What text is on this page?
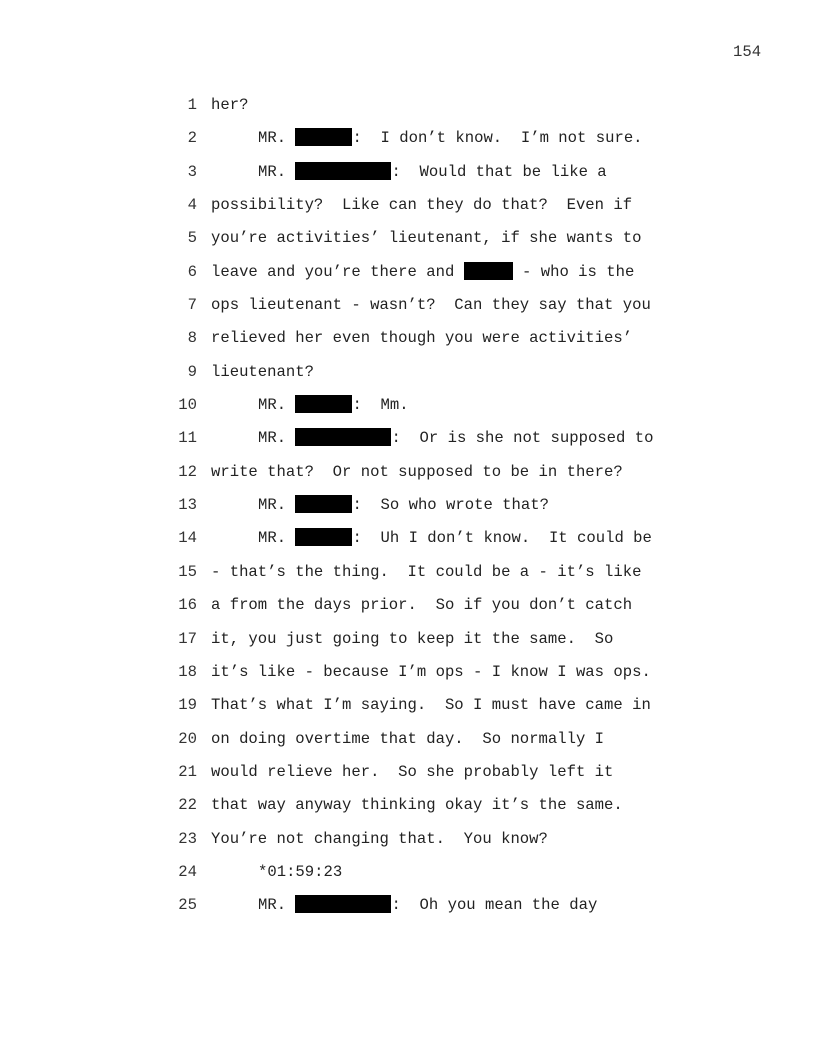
154
1 her?
2	MR.	:  I don’t know.  I’m not sure.
3	MR.	:  Would that be like a
4 possibility?  Like can they do that?  Even if
5 you’re activities’ lieutenant, if she wants to
6 leave and you’re there and	- who is the
7 ops lieutenant - wasn’t?  Can they say that you
8 relieved her even though you were activities’
9 lieutenant?
10	MR.	:  Mm.
11	MR.	:  Or is she not supposed to
12 write that?  Or not supposed to be in there?
13	MR.	:  So who wrote that?
14	MR.	:  Uh I don’t know.  It could be
15 - that’s the thing.  It could be a - it’s like
16 a from the days prior.  So if you don’t catch
17 it, you just going to keep it the same.  So
18 it’s like - because I’m ops - I know I was ops.
19 That’s what I’m saying.  So I must have came in
20 on doing overtime that day.  So normally I
21 would relieve her.  So she probably left it
22 that way anyway thinking okay it’s the same.
23 You’re not changing that.  You know?
24	*01:59:23
25	MR.	:  Oh you mean the day
